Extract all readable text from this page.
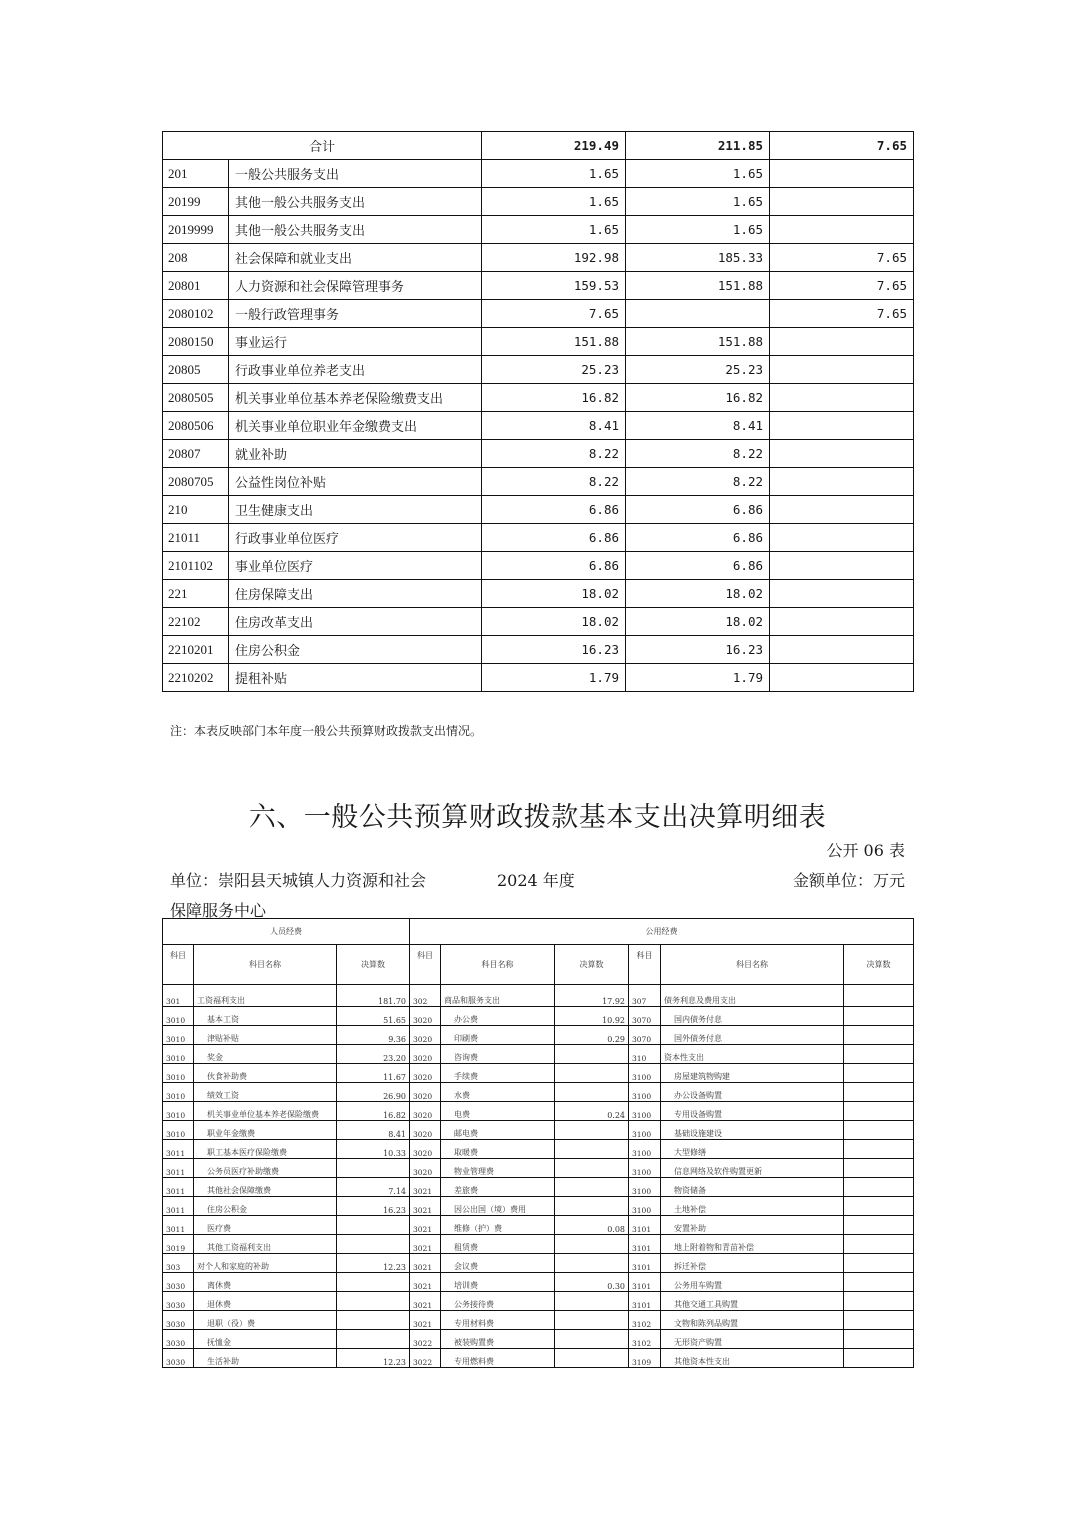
合计		219.49	211.85	7.65
201	一般公共服务支出	1.65	1.65	
20199	其他一般公共服务支出	1.65	1.65	
2019999	其他一般公共服务支出	1.65	1.65	
208	社会保障和就业支出	192.98	185.33	7.65
20801	人力资源和社会保障管理事务	159.53	151.88	7.65
2080102	一般行政管理事务	7.65		7.65
2080150	事业运行	151.88	151.88	
20805	行政事业单位养老支出	25.23	25.23	
2080505	机关事业单位基本养老保险缴费支出	16.82	16.82	
2080506	机关事业单位职业年金缴费支出	8.41	8.41	
20807	就业补助	8.22	8.22	
2080705	公益性岗位补贴	8.22	8.22	
210	卫生健康支出	6.86	6.86	
21011	行政事业单位医疗	6.86	6.86	
2101102	事业单位医疗	6.86	6.86	
221	住房保障支出	18.02	18.02	
22102	住房改革支出	18.02	18.02	
2210201	住房公积金	16.23	16.23	
2210202	提租补贴	1.79	1.79	
注：本表反映部门本年度一般公共预算财政拨款支出情况。
六、一般公共预算财政拨款基本支出决算明细表
公开 06 表
单位：崇阳县天城镇人力资源和社会保障服务中心
2024 年度	金额单位：万元
人员经费			公用经费					
科目	科目名称	决算数	科目	科目名称	决算数	科目	科目名称	决算数
301	工资福利支出	181.70	302	商品和服务支出	17.92	307	债务利息及费用支出	
3010	基本工资	51.65	3020	办公费	10.92	3070	国内债务付息	
3010	津贴补贴	9.36	3020	印刷费	0.29	3070	国外债务付息	
3010	奖金	23.20	3020	咨询费		310	资本性支出	
3010	伙食补助费	11.67	3020	手续费		3100	房屋建筑物购建	
3010	绩效工资	26.90	3020	水费		3100	办公设备购置	
3010	机关事业单位基本养老保险缴费	16.82	3020	电费	0.24	3100	专用设备购置	
3010	职业年金缴费	8.41	3020	邮电费		3100	基础设施建设	
3011	职工基本医疗保险缴费	10.33	3020	取暖费		3100	大型修缮	
3011	公务员医疗补助缴费		3020	物业管理费		3100	信息网络及软件购置更新	
3011	其他社会保障缴费	7.14	3021	差旅费		3100	物资储备	
3011	住房公积金	16.23	3021	因公出国（境）费用		3100	土地补偿	
3011	医疗费		3021	维修（护）费	0.08	3101	安置补助	
3019	其他工资福利支出		3021	租赁费		3101	地上附着物和青苗补偿	
303	对个人和家庭的补助	12.23	3021	会议费		3101	拆迁补偿	
3030	离休费		3021	培训费	0.30	3101	公务用车购置	
3030	退休费		3021	公务接待费		3101	其他交通工具购置	
3030	退职（役）费		3021	专用材料费		3102	文物和陈列品购置	
3030	抚恤金		3022	被装购置费		3102	无形资产购置	
3030	生活补助	12.23	3022	专用燃料费		3109	其他资本性支出	
